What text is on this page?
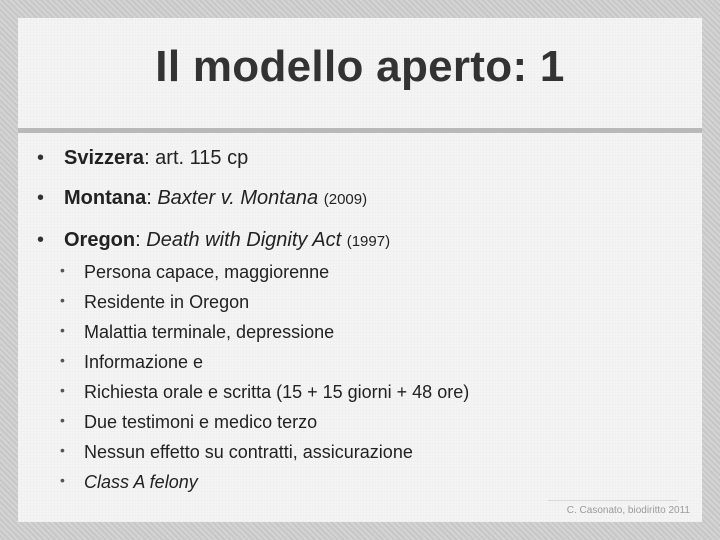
Il modello aperto: 1
• Svizzera: art. 115 cp
• Montana: Baxter v. Montana (2009)
• Oregon: Death with Dignity Act (1997)
• Persona capace, maggiorenne
• Residente in Oregon
• Malattia terminale, depressione
• Informazione e
• Richiesta orale e scritta (15 + 15 giorni + 48 ore)
• Due testimoni e medico terzo
• Nessun effetto su contratti, assicurazione
• Class A felony
C. Casonato, biodiritto 2011
